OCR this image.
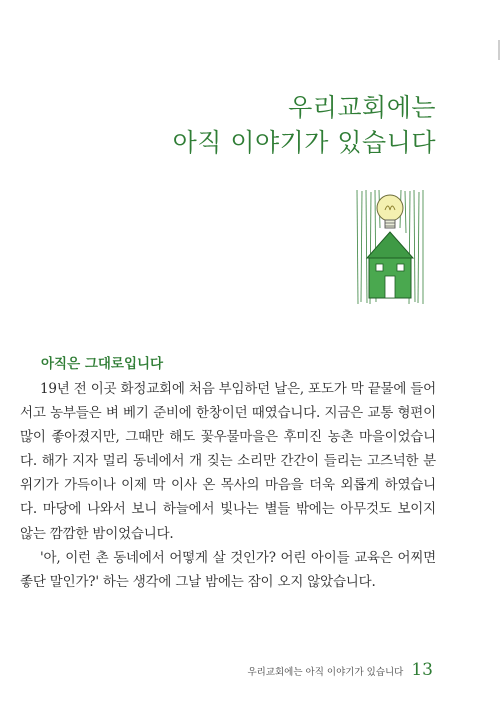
우리교회에는
아직 이야기가 있습니다
아직은 그대로입니다

19년 전 이곳 화정교회에 처음 부임하던 날은, 포도가 막 끝물에 들어서고 농부들은 벼 베기 준비에 한창이던 때였습니다. 지금은 교통 형편이 많이 좋아졌지만, 그때만 해도 꽃우물마을은 후미진 농촌 마을이었습니다. 해가 지자 멀리 동네에서 개 짖는 소리만 간간이 들리는 고즈넉한 분위기가 가득이나 이제 막 이사 온 목사의 마음을 더욱 외롭게 하였습니다. 마당에 나와서 보니 하늘에서 빛나는 별들 밖에는 아무것도 보이지 않는 깜깜한 밤이었습니다.

'아, 이런 촌 동네에서 어떻게 살 것인가? 어린 아이들 교육은 어찌면 좋단 말인가?' 하는 생각에 그날 밤에는 잠이 오지 않았습니다.

우리교회에는 아직 이야기가 있습니다 13
